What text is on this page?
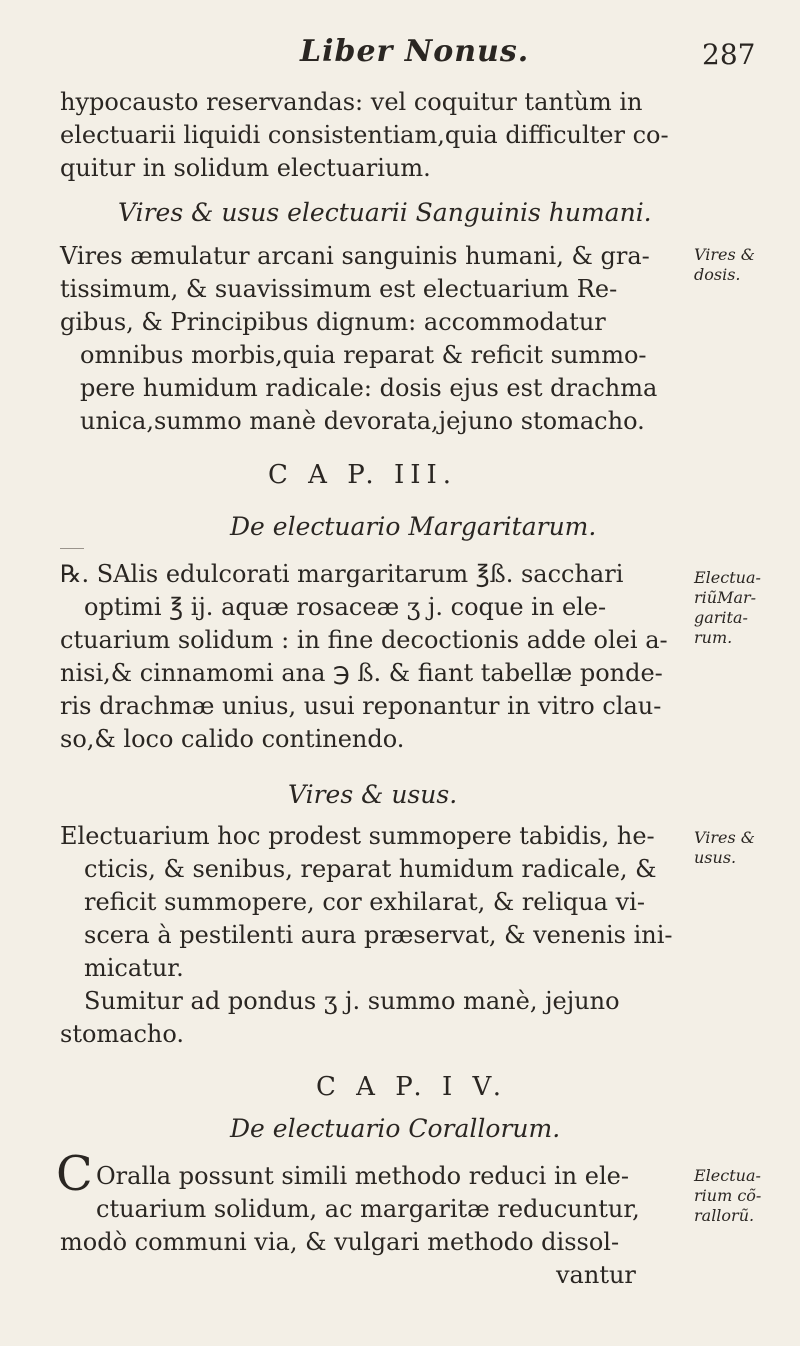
Liber Nonus.	287
hypocausto reservandas: vel coquitur tantùm in
electuarii liquidi consistentiam,quia difficulter co-
quitur in solidum electuarium.
Vires & usus electuarii Sanguinis humani.
Vires æmulatur arcani sanguinis humani, & gra-
tissimum, & suavissimum est electuarium Re-
gibus, & Principibus dignum: accommodatur
omnibus morbis,quia reparat & reficit summo-
pere humidum radicale: dosis ejus est drachma
unica,summo manè devorata,jejuno stomacho.
Vires &
dosis.
C A P. III.
De electuario Margaritarum.
℞. SAlis edulcorati margaritarum ℥ß. sacchari
optimi ℥ ij. aquæ rosaceæ ʒ j. coque in ele-
ctuarium solidum : in fine decoctionis adde olei a-
nisi,& cinnamomi ana ℈ ß. & fiant tabellæ ponde-
ris drachmæ unius, usui reponantur in vitro clau-
so,& loco calido continendo.
Electua-
riũMar-
garita-
rum.
Vires & usus.
Electuarium hoc prodest summopere tabidis, he-
cticis, & senibus, reparat humidum radicale, &
reficit summopere, cor exhilarat, & reliqua vi-
scera à pestilenti aura præservat, & venenis ini-
micatur.
Sumitur ad pondus ʒ j. summo manè, jejuno
stomacho.
Vires &
usus.
C A P. I V.
De electuario Corallorum.
C Oralla possunt simili methodo reduci in ele-
ctuarium solidum, ac margaritæ reducuntur,
modò communi via, & vulgari methodo dissol-
vantur
Electua-
rium cõ-
rallorũ.
